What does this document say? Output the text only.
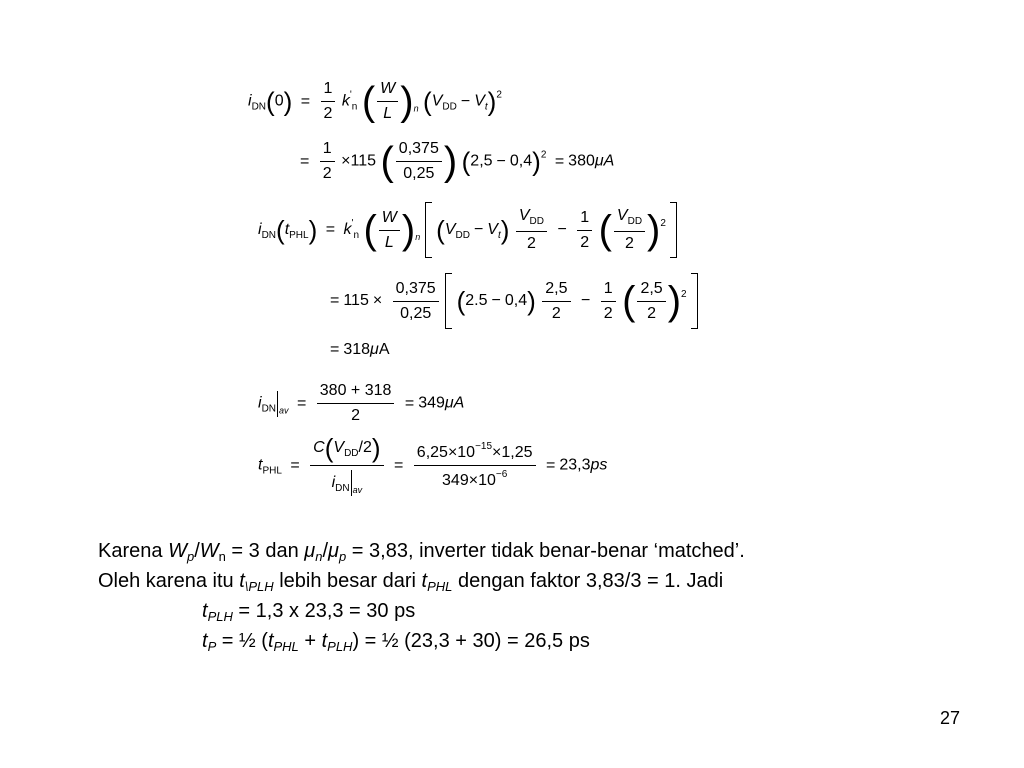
$i_{DN}(0) = \frac{1}{2} k'_n$ ( $\frac{W}{L} )_n$ $(V_{DD} - V_t)^2$
= $\frac{1}{2} \times 115$ ( $\frac{0,375}{0,25}$ ) $(2,5 - 0,4)^2 = 380\mu A$
$i_{DN}(t_{PHL}) = k'_n$ ( $\frac{W}{L} )_n$ $(V_{DD} - V_t) \frac{V_{DD}}{2} - \frac{1}{2}$ ( $\frac{V_{DD}}{2} )^2$
= $115 \times \frac{0,375}{0,25} (2.5 - 0,4) \frac{2,5}{2} - \frac{1}{2}$ ( $\frac{2,5}{2} )^2$
= 318μA
$i_{DN}$ $_{av} = \frac{380 + 318}{2} = 349\mu A$
$t_{PHL} = \frac{C(V_{DD}/2)}{i_{DN} _{av}} = \frac{6,25\times 10^{-15}\times 1,25}{349\times 10^{-6}} = 23,3ps$
Karena $W_p/W_n = 3$ dan $\mu_n/\mu_p = 3,83$, inverter tidak benar-benar ‘matched’.
Oleh karena itu $t_{\backslash PLH}$ lebih besar dari $t_{PHL}$ dengan faktor 3,83/3 = 1. Jadi
$t_{PLH} = 1,3$ x 23,3 = 30 ps
$t_P$ = ½ $(t_{PHL} + t_{PLH})$ = ½ (23,3 + 30) = 26,5 ps
27
